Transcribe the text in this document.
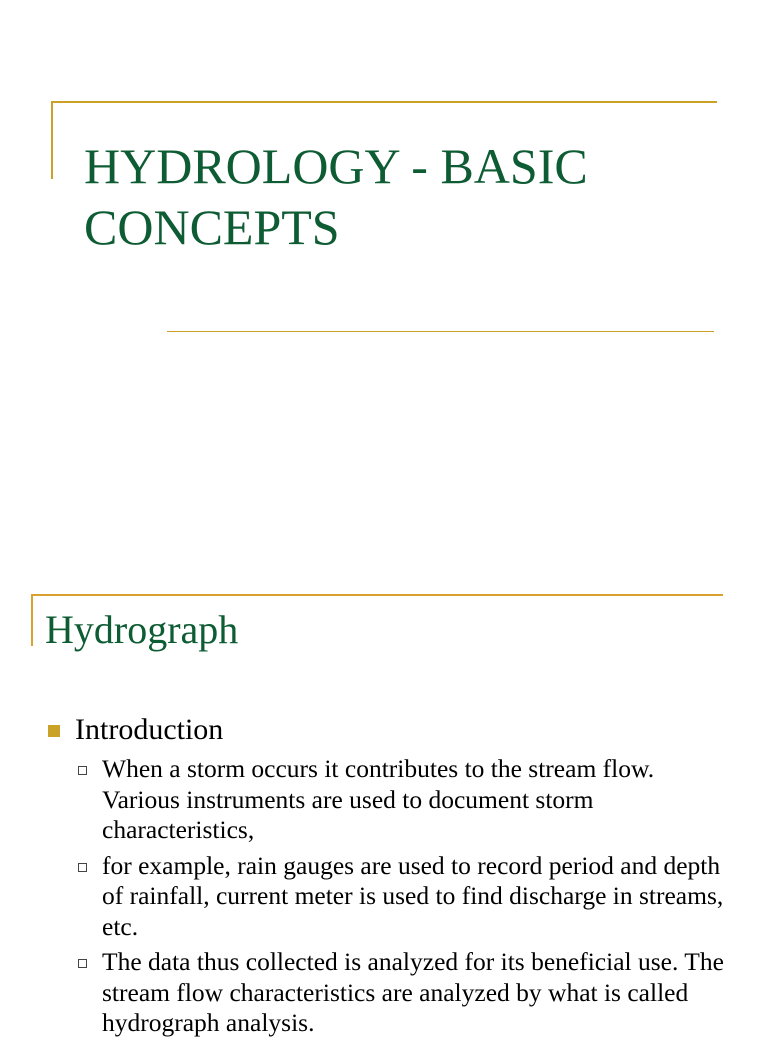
HYDROLOGY - BASIC CONCEPTS
Hydrograph
Introduction
When a storm occurs it contributes to the stream flow. Various instruments are used to document storm characteristics,
for example, rain gauges are used to record period and depth of rainfall, current meter is used to find discharge in streams, etc.
The data thus collected is analyzed for its beneficial use. The stream flow characteristics are analyzed by what is called hydrograph analysis.
